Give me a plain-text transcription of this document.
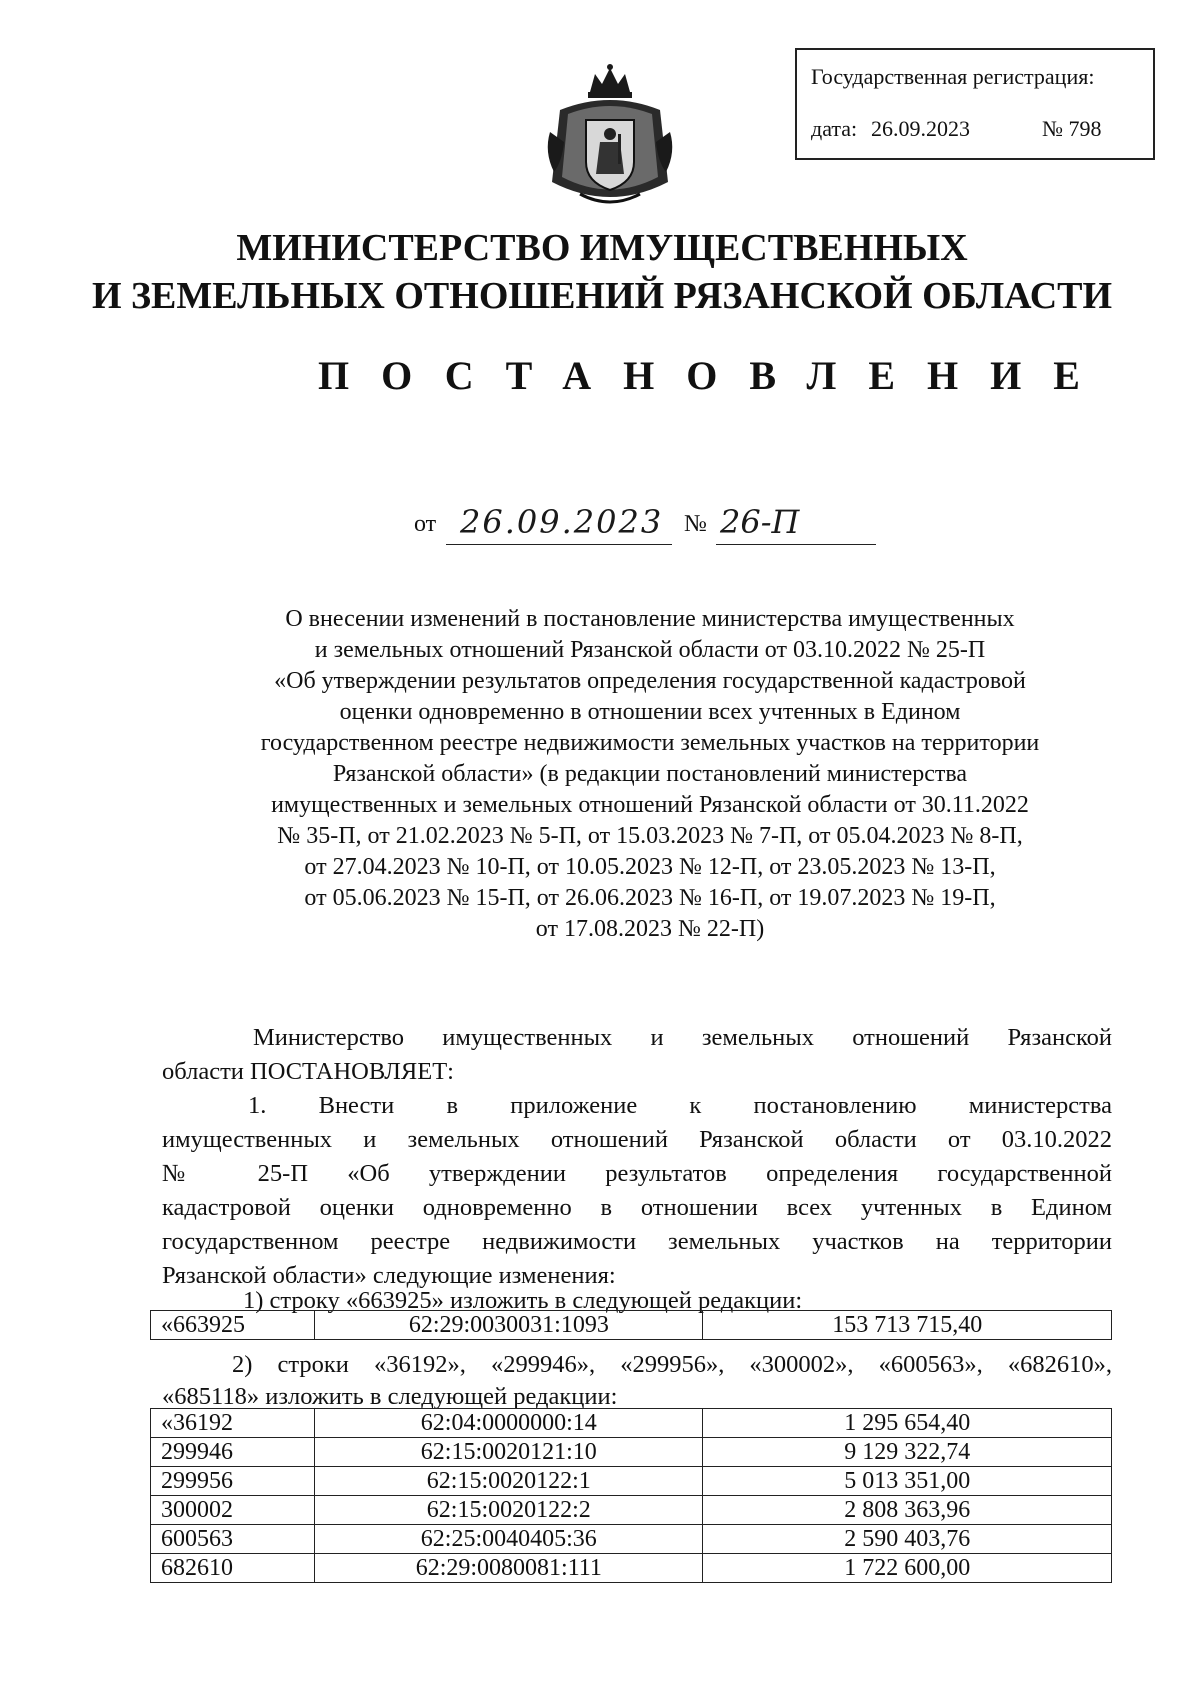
Государственная регистрация:
дата: 26.09.2023	№ 798
МИНИСТЕРСТВО ИМУЩЕСТВЕННЫХ
И ЗЕМЕЛЬНЫХ ОТНОШЕНИЙ РЯЗАНСКОЙ ОБЛАСТИ
ПОСТАНОВЛЕНИЕ
от 26.09.2023 № 26-П
О внесении изменений в постановление министерства имущественных
и земельных отношений Рязанской области от 03.10.2022 № 25-П
«Об утверждении результатов определения государственной кадастровой
оценки одновременно в отношении всех учтенных в Едином
государственном реестре недвижимости земельных участков на территории
Рязанской области» (в редакции постановлений министерства
имущественных и земельных отношений Рязанской области от 30.11.2022
№ 35-П, от 21.02.2023 № 5-П, от 15.03.2023 № 7-П, от 05.04.2023 № 8-П,
от 27.04.2023 № 10-П, от 10.05.2023 № 12-П, от 23.05.2023 № 13-П,
от 05.06.2023 № 15-П, от 26.06.2023 № 16-П, от 19.07.2023 № 19-П,
от 17.08.2023 № 22-П)
Министерство имущественных и земельных отношений Рязанской
области ПОСТАНОВЛЯЕТ:
1. Внести в приложение к постановлению министерства
имущественных и земельных отношений Рязанской области от 03.10.2022
№ 25-П «Об утверждении результатов определения государственной
кадастровой оценки одновременно в отношении всех учтенных в Едином
государственном реестре недвижимости земельных участков на территории
Рязанской области» следующие изменения:
1) строку «663925» изложить в следующей редакции:
«663925	62:29:0030031:1093	153 713 715,40
2) строки «36192», «299946», «299956», «300002», «600563», «682610»,
«685118» изложить в следующей редакции:
«36192	62:04:0000000:14	1 295 654,40
299946	62:15:0020121:10	9 129 322,74
299956	62:15:0020122:1	5 013 351,00
300002	62:15:0020122:2	2 808 363,96
600563	62:25:0040405:36	2 590 403,76
682610	62:29:0080081:111	1 722 600,00
